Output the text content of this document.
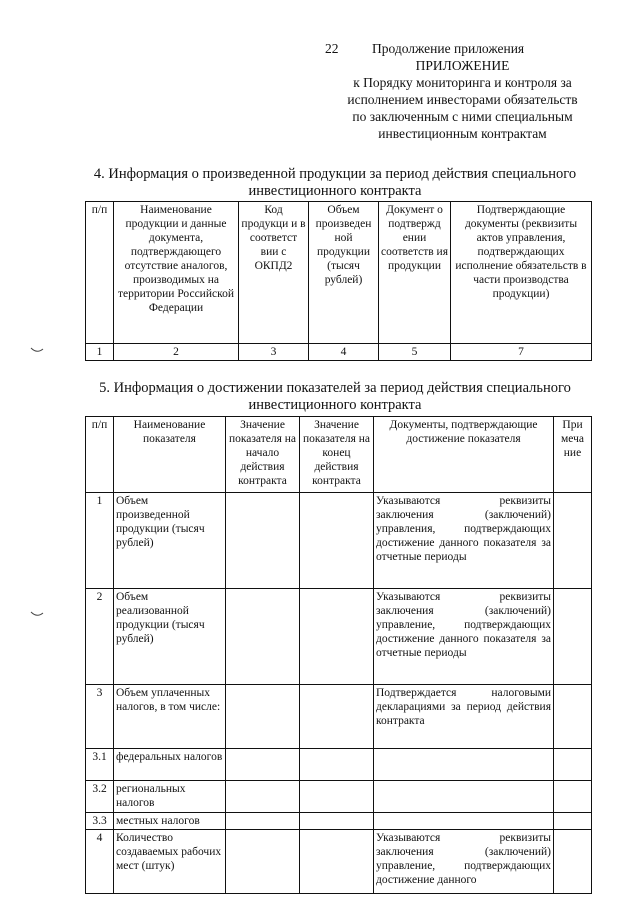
22 Продолжение приложения
ПРИЛОЖЕНИЕ
к Порядку мониторинга и контроля за
исполнением инвесторами обязательств
по заключенным с ними специальным
инвестиционным контрактам
4. Информация о произведенной продукции за период действия специального
инвестиционного контракта
п/п	Наименование продукции и данные документа, подтверждающего отсутствие аналогов, производимых на территории Российской Федерации	Код продукци и в соответст вии с ОКПД2	Объем произведен ной продукции (тысяч рублей)	Документ о подтвержд ении соответств ия продукции	Подтверждающие документы (реквизиты актов управления, подтверждающих исполнение обязательств в части производства продукции)
1	2	3	4	5	7
5. Информация о достижении показателей за период действия специального
инвестиционного контракта
п/п	Наименование показателя	Значение показателя на начало действия контракта	Значение показателя на конец действия контракта	Документы, подтверждающие достижение показателя	При меча ние
1	Объем произведенной продукции (тысяч рублей)			Указываются реквизиты заключения (заключений) управления, подтверждающих достижение данного показателя за отчетные периоды	
2	Объем реализованной продукции (тысяч рублей)			Указываются реквизиты заключения (заключений) управление, подтверждающих достижение данного показателя за отчетные периоды	
3	Объем уплаченных налогов, в том числе:			Подтверждается налоговыми декларациями за период действия контракта	
3.1	федеральных налогов				
3.2	региональных налогов				
3.3	местных налогов				
4	Количество создаваемых рабочих мест (штук)			Указываются реквизиты заключения (заключений) управление, подтверждающих достижение данного	
